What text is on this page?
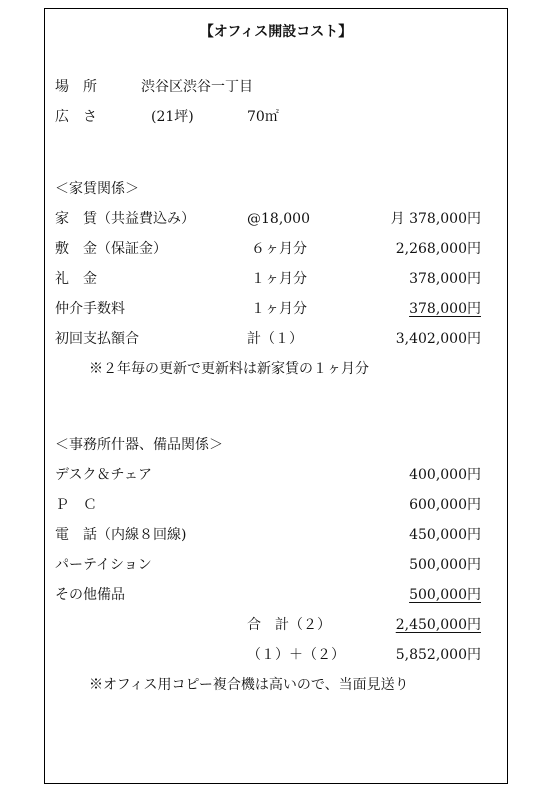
【オフィス開設コスト】
場　所	渋谷区渋谷一丁目
広　さ	(21坪)	70㎡
＜家賃関係＞
家　賃（共益費込み）	@18,000	月 378,000円
敷　金（保証金）	６ヶ月分	2,268,000円
礼　金	１ヶ月分	378,000円
仲介手数料	１ヶ月分	378,000円
初回支払額合	計（１）	3,402,000円
※２年毎の更新で更新料は新家賃の１ヶ月分
＜事務所什器、備品関係＞
デスク＆チェア	400,000円
Ｐ　Ｃ	600,000円
電　話（内線８回線)	450,000円
パーテイション	500,000円
その他備品	500,000円
合　計（２）	2,450,000円
（１）＋（２）	5,852,000円
※オフィス用コピー複合機は高いので、当面見送り
